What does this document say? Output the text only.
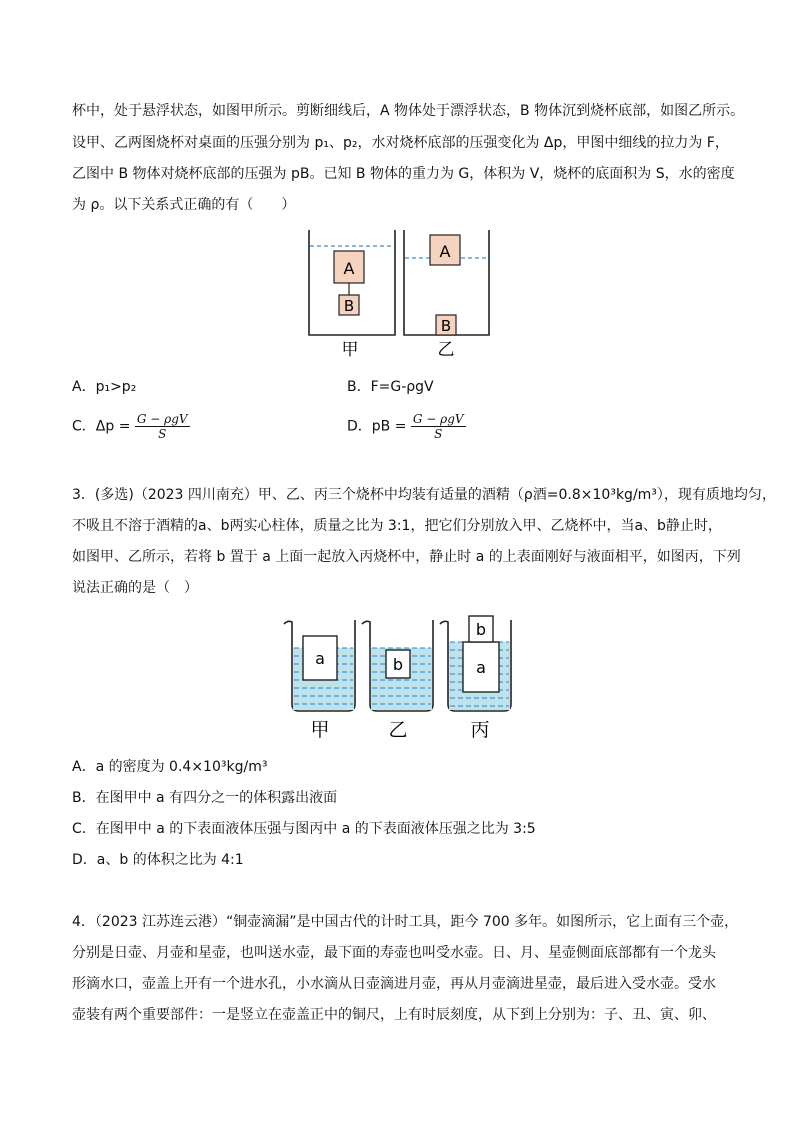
杯中，处于悬浮状态，如图甲所示。剪断细线后，A 物体处于漂浮状态，B 物体沉到烧杯底部，如图乙所示。
设甲、乙两图烧杯对桌面的压强分别为 p₁、p₂，水对烧杯底部的压强变化为 Δp，甲图中细线的拉力为 F，
乙图中 B 物体对烧杯底部的压强为 pB。已知 B 物体的重力为 G，体积为 V，烧杯的底面积为 S，水的密度
为 ρ。以下关系式正确的有（　　）
A
B
A
B
甲	乙
A．p₁>p₂	B．F=G-ρgV
C．$\Delta p = \frac{\text{G − ρgV}}{S}$	D．pB = $\frac{\text{G − ρgV}}{S}$
3．(多选)（2023 四川南充）甲、乙、丙三个烧杯中均装有适量的酒精（ρ酒=0.8×10³kg/m³），现有质地均匀，
不吸且不溶于酒精的a、b两实心柱体，质量之比为 3:1，把它们分别放入甲、乙烧杯中，当a、b静止时，
如图甲、乙所示，若将 b 置于 a 上面一起放入丙烧杯中，静止时 a 的上表面刚好与液面相平，如图丙，下列
说法正确的是（　）
a	b	a
b
甲	乙	丙
A．a 的密度为 0.4×10³kg/m³
B．在图甲中 a 有四分之一的体积露出液面
C．在图甲中 a 的下表面液体压强与图丙中 a 的下表面液体压强之比为 3:5
D．a、b 的体积之比为 4:1
4．（2023 江苏连云港）“铜壶滴漏”是中国古代的计时工具，距今 700 多年。如图所示，它上面有三个壶，
分别是日壶、月壶和星壶，也叫送水壶，最下面的寿壶也叫受水壶。日、月、星壶侧面底部都有一个龙头
形滴水口，壶盖上开有一个进水孔，小水滴从日壶滴进月壶，再从月壶滴进星壶，最后进入受水壶。受水
壶装有两个重要部件：一是竖立在壶盖正中的铜尺，上有时辰刻度，从下到上分别为：子、丑、寅、卯、
